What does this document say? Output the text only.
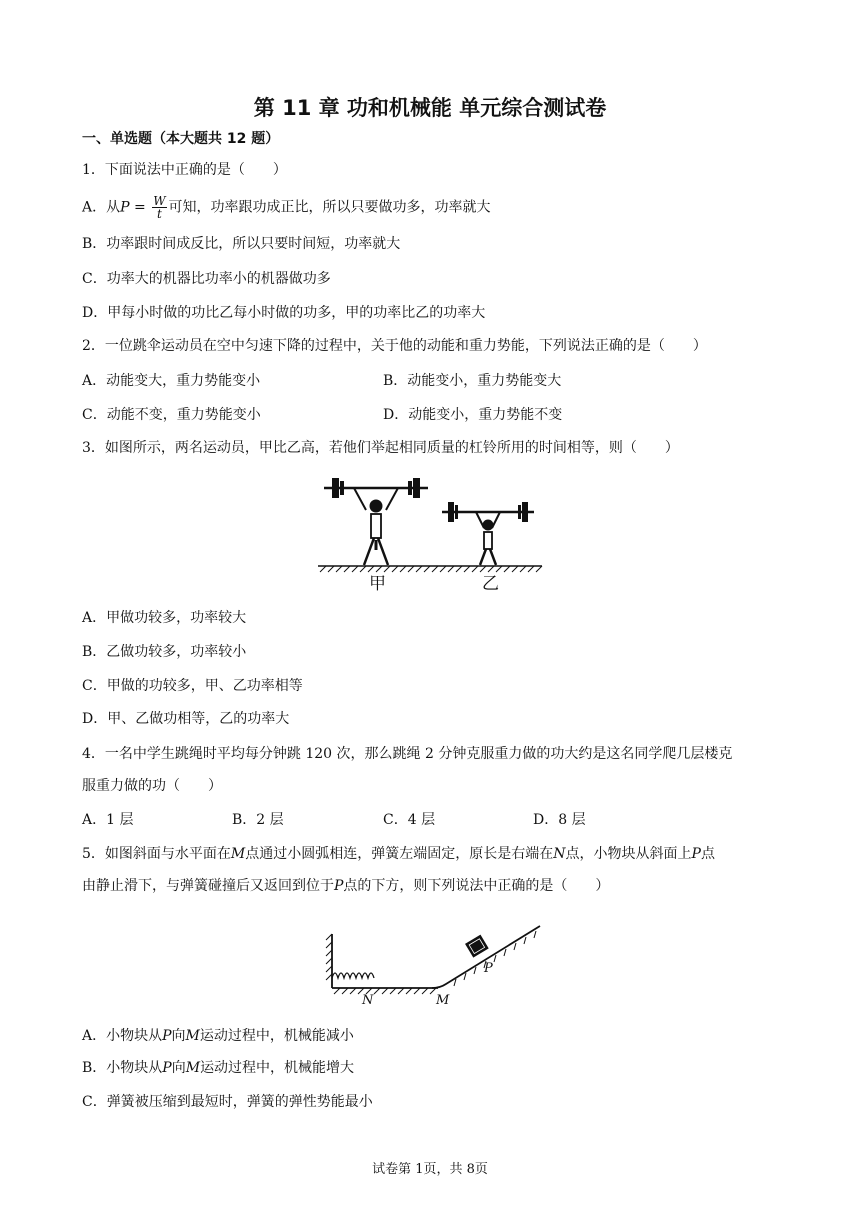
第 11 章 功和机械能 单元综合测试卷
一、单选题（本大题共 12 题）
1．下面说法中正确的是（　　）
A．从$P = \frac{W}{t}$ 可知，功率跟功成正比，所以只要做功多，功率就大
B．功率跟时间成反比，所以只要时间短，功率就大
C．功率大的机器比功率小的机器做功多
D．甲每小时做的功比乙每小时做的功多，甲的功率比乙的功率大
2．一位跳伞运动员在空中匀速下降的过程中，关于他的动能和重力势能，下列说法正确的是（　　）
A．动能变大，重力势能变小	B．动能变小，重力势能变大
C．动能不变，重力势能变小	D．动能变小，重力势能不变
3．如图所示，两名运动员，甲比乙高，若他们举起相同质量的杠铃所用的时间相等，则（　　）
甲	乙
A．甲做功较多，功率较大
B．乙做功较多，功率较小
C．甲做的功较多，甲、乙功率相等
D．甲、乙做功相等，乙的功率大
4．一名中学生跳绳时平均每分钟跳 120 次，那么跳绳 2 分钟克服重力做的功大约是这名同学爬几层楼克
服重力做的功（　　）
A．1 层	B．2 层	C．4 层	D．8 层
5．如图斜面与水平面在M点通过小圆弧相连，弹簧左端固定，原长是右端在N点，小物块从斜面上P点
由静止滑下，与弹簧碰撞后又返回到位于P点的下方，则下列说法中正确的是（　　）
N	M
P
A．小物块从P向M运动过程中，机械能减小
B．小物块从P向M运动过程中，机械能增大
C．弹簧被压缩到最短时，弹簧的弹性势能最小
试卷第 1页，共 8页
